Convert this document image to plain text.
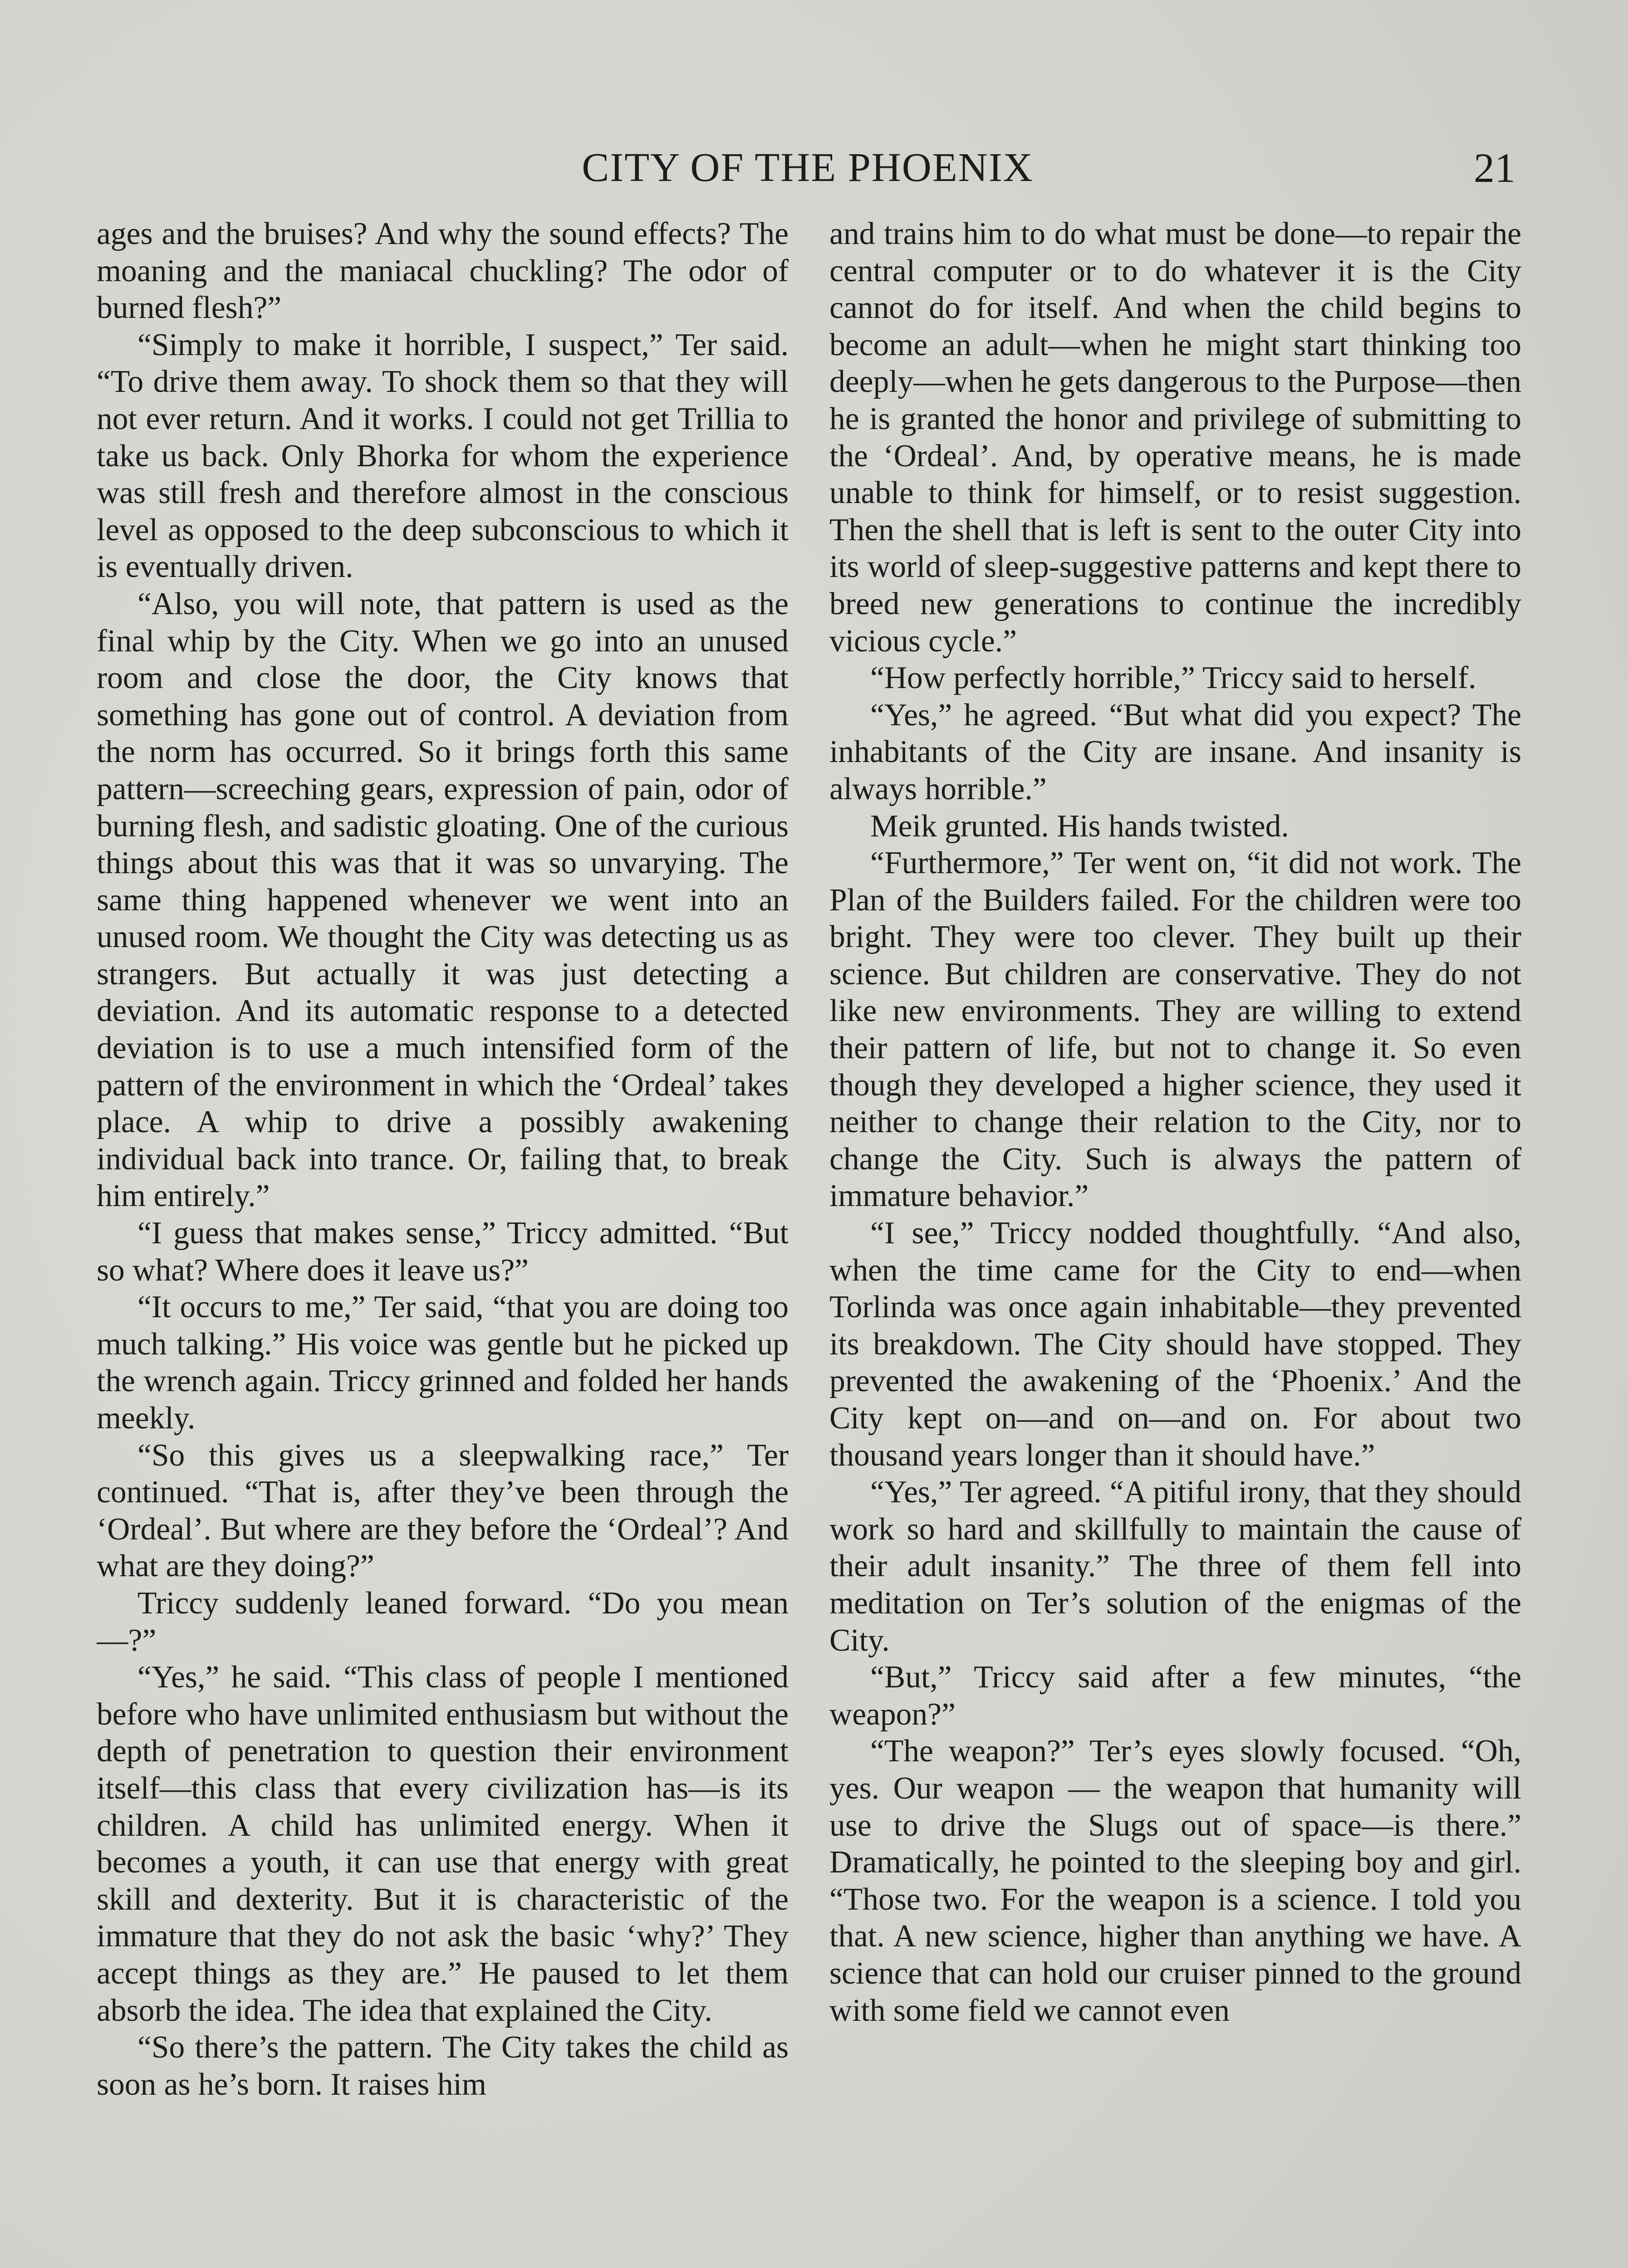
CITY OF THE PHOENIX	21

ages and the bruises? And why the sound effects? The moaning and the maniacal chuckling? The odor of burned flesh?”

“Simply to make it horrible, I suspect,” Ter said. “To drive them away. To shock them so that they will not ever return. And it works. I could not get Trillia to take us back. Only Bhorka for whom the experience was still fresh and therefore almost in the conscious level as opposed to the deep subconscious to which it is eventually driven.

“Also, you will note, that pattern is used as the final whip by the City. When we go into an unused room and close the door, the City knows that something has gone out of control. A deviation from the norm has occurred. So it brings forth this same pattern—screeching gears, expression of pain, odor of burning flesh, and sadistic gloating. One of the curious things about this was that it was so unvarying. The same thing happened whenever we went into an unused room. We thought the City was detecting us as strangers. But actually it was just detecting a deviation. And its automatic response to a detected deviation is to use a much intensified form of the pattern of the environment in which the ‘Ordeal’ takes place. A whip to drive a possibly awakening individual back into trance. Or, failing that, to break him entirely.”

“I guess that makes sense,” Triccy admitted. “But so what? Where does it leave us?”

“It occurs to me,” Ter said, “that you are doing too much talking.” His voice was gentle but he picked up the wrench again. Triccy grinned and folded her hands meekly.

“So this gives us a sleepwalking race,” Ter continued. “That is, after they’ve been through the ‘Ordeal’. But where are they before the ‘Ordeal’? And what are they doing?”

Triccy suddenly leaned forward. “Do you mean—?”

“Yes,” he said. “This class of people I mentioned before who have unlimited enthusiasm but without the depth of penetration to question their environment itself—this class that every civilization has—is its children. A child has unlimited energy. When it becomes a youth, it can use that energy with great skill and dexterity. But it is characteristic of the immature that they do not ask the basic ‘why?’ They accept things as they are.” He paused to let them absorb the idea. The idea that explained the City.

“So there’s the pattern. The City takes the child as soon as he’s born. It raises him

and trains him to do what must be done—to repair the central computer or to do whatever it is the City cannot do for itself. And when the child begins to become an adult—when he might start thinking too deeply—when he gets dangerous to the Purpose—then he is granted the honor and privilege of submitting to the ‘Ordeal’. And, by operative means, he is made unable to think for himself, or to resist suggestion. Then the shell that is left is sent to the outer City into its world of sleep-suggestive patterns and kept there to breed new generations to continue the incredibly vicious cycle.”

“How perfectly horrible,” Triccy said to herself.

“Yes,” he agreed. “But what did you expect? The inhabitants of the City are insane. And insanity is always horrible.”

Meik grunted. His hands twisted.

“Furthermore,” Ter went on, “it did not work. The Plan of the Builders failed. For the children were too bright. They were too clever. They built up their science. But children are conservative. They do not like new environments. They are willing to extend their pattern of life, but not to change it. So even though they developed a higher science, they used it neither to change their relation to the City, nor to change the City. Such is always the pattern of immature behavior.”

“I see,” Triccy nodded thoughtfully. “And also, when the time came for the City to end—when Torlinda was once again inhabitable—they prevented its breakdown. The City should have stopped. They prevented the awakening of the ‘Phoenix.’ And the City kept on—and on—and on. For about two thousand years longer than it should have.”

“Yes,” Ter agreed. “A pitiful irony, that they should work so hard and skillfully to maintain the cause of their adult insanity.” The three of them fell into meditation on Ter’s solution of the enigmas of the City.

“But,” Triccy said after a few minutes, “the weapon?”

“The weapon?” Ter’s eyes slowly focused. “Oh, yes. Our weapon — the weapon that humanity will use to drive the Slugs out of space—is there.” Dramatically, he pointed to the sleeping boy and girl. “Those two. For the weapon is a science. I told you that. A new science, higher than anything we have. A science that can hold our cruiser pinned to the ground with some field we cannot even
